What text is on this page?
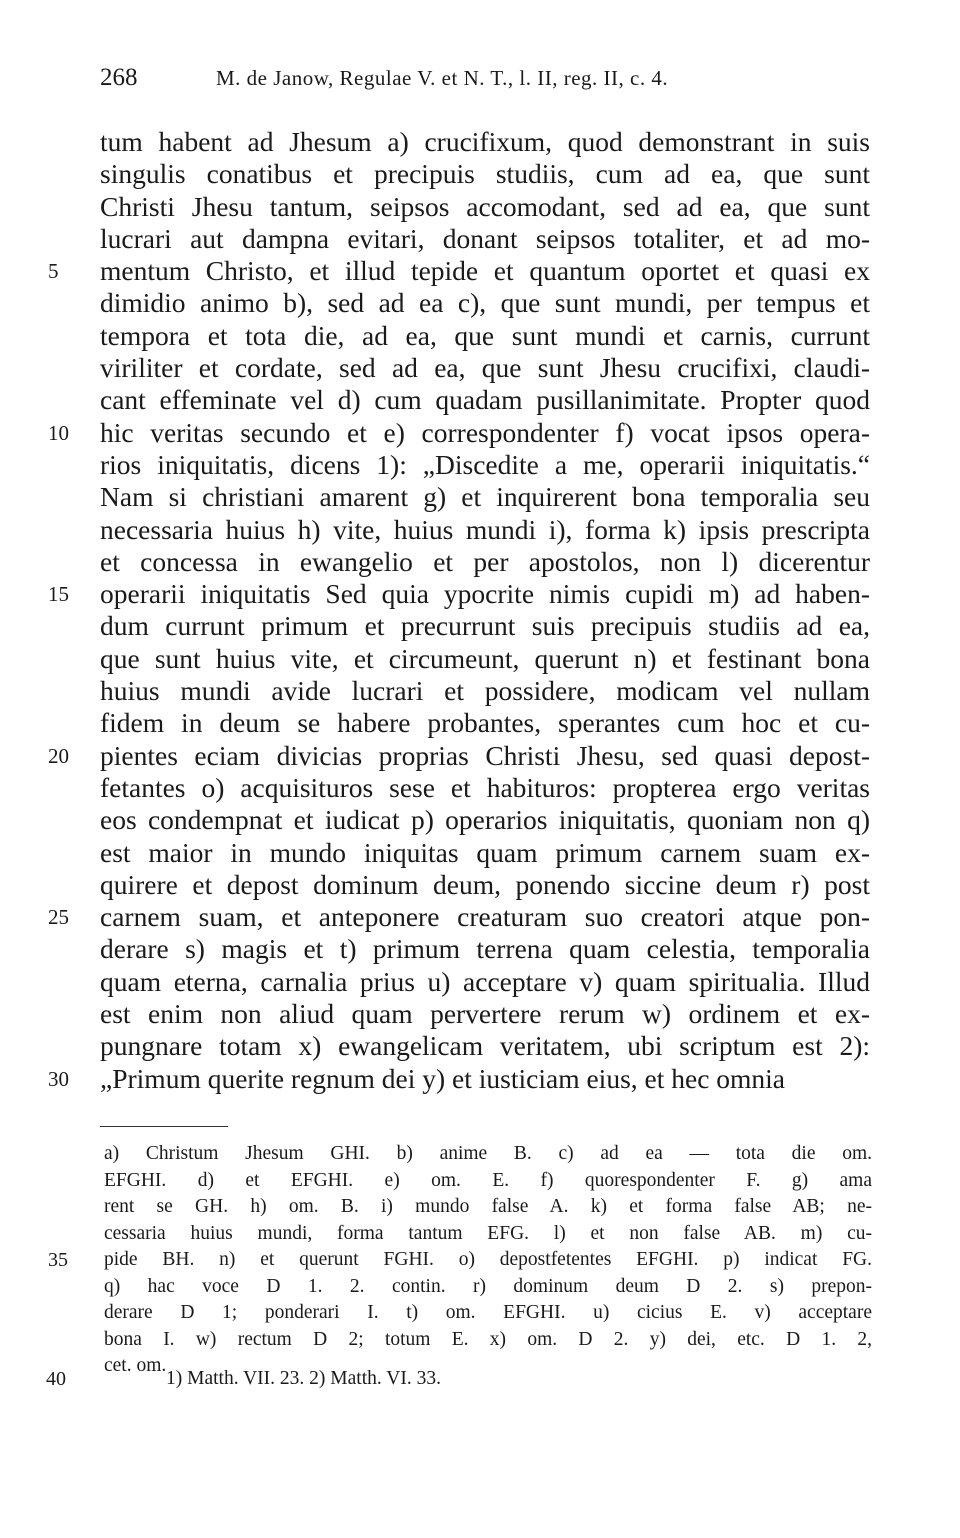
268	M. de Janow, Regulae V. et N. T., l. II, reg. II, c. 4.
tum habent ad Jhesum a) crucifixum, quod demonstrant in suis
singulis conatibus et precipuis studiis, cum ad ea, que sunt
Christi Jhesu tantum, seipsos accomodant, sed ad ea, que sunt
lucrari aut dampna evitari, donant seipsos totaliter, et ad mo-
5	mentum Christo, et illud tepide et quantum oportet et quasi ex
dimidio animo b), sed ad ea c), que sunt mundi, per tempus et
tempora et tota die, ad ea, que sunt mundi et carnis, currunt
viriliter et cordate, sed ad ea, que sunt Jhesu crucifixi, claudi-
cant effeminate vel d) cum quadam pusillanimitate. Propter quod
10	hic veritas secundo et e) correspondenter f) vocat ipsos opera-
rios iniquitatis, dicens 1): „Discedite a me, operarii iniquitatis.“
Nam si christiani amarent g) et inquirerent bona temporalia seu
necessaria huius h) vite, huius mundi i), forma k) ipsis prescripta
et concessa in ewangelio et per apostolos, non l) dicerentur
15	operarii iniquitatis Sed quia ypocrite nimis cupidi m) ad haben-
dum currunt primum et precurrunt suis precipuis studiis ad ea,
que sunt huius vite, et circumeunt, querunt n) et festinant bona
huius mundi avide lucrari et possidere, modicam vel nullam
fidem in deum se habere probantes, sperantes cum hoc et cu-
20	pientes eciam divicias proprias Christi Jhesu, sed quasi depost-
fetantes o) acquisituros sese et habituros: propterea ergo veritas
eos condempnat et iudicat p) operarios iniquitatis, quoniam non q)
est maior in mundo iniquitas quam primum carnem suam ex-
quirere et depost dominum deum, ponendo siccine deum r) post
25	carnem suam, et anteponere creaturam suo creatori atque pon-
derare s) magis et t) primum terrena quam celestia, temporalia
quam eterna, carnalia prius u) acceptare v) quam spiritualia. Illud
est enim non aliud quam pervertere rerum w) ordinem et ex-
pungnare totam x) ewangelicam veritatem, ubi scriptum est 2):
30	„Primum querite regnum dei y) et iusticiam eius, et hec omnia
a) Christum Jhesum GHI. b) anime B. c) ad ea — tota die om.
EFGHI. d) et EFGHI. e) om. E. f) quorespondenter F. g) ama
rent se GH. h) om. B. i) mundo false A. k) et forma false AB; ne-
cessaria huius mundi, forma tantum EFG. l) et non false AB. m) cu-
35	pide BH. n) et querunt FGHI. o) depostfetentes EFGHI. p) indicat FG.
q) hac voce D 1. 2. contin. r) dominum deum D 2. s) prepon-
derare D 1; ponderari I. t) om. EFGHI. u) cicius E. v) acceptare
bona I. w) rectum D 2; totum E. x) om. D 2. y) dei, etc. D 1. 2,
cet. om.
40	1) Matth. VII. 23. 2) Matth. VI. 33.
